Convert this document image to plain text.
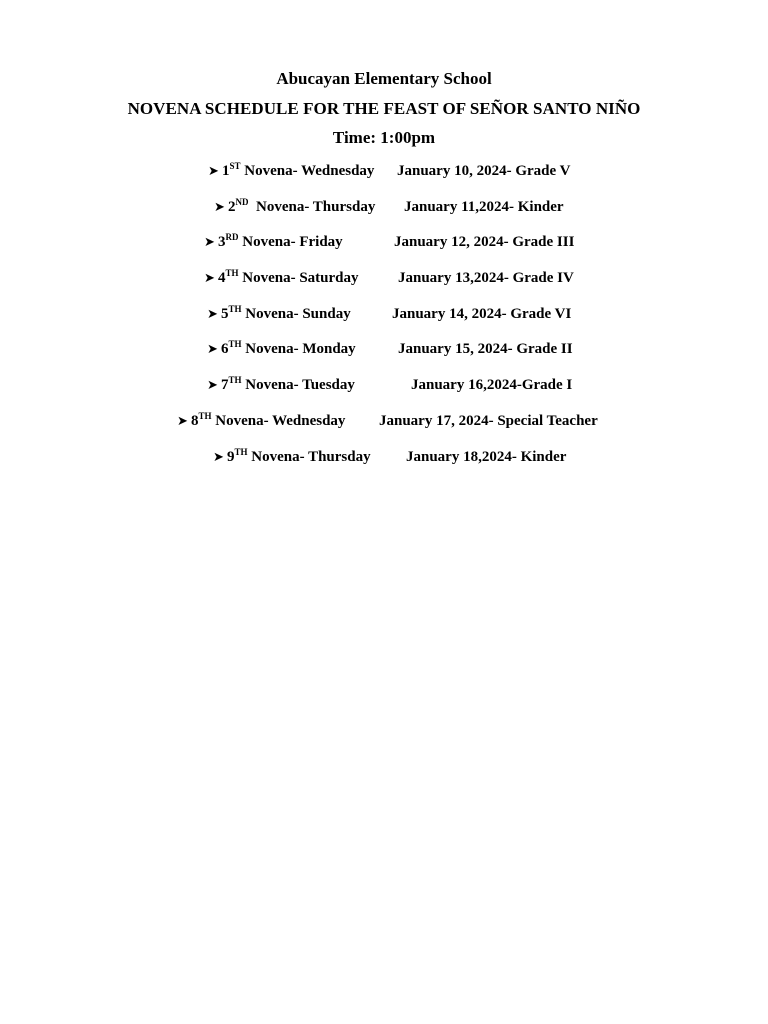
Abucayan Elementary School
NOVENA SCHEDULE FOR THE FEAST OF SEÑOR SANTO NIÑO
Time: 1:00pm
➤ 1ST Novena- Wednesday January 10, 2024- Grade V
➤ 2ND  Novena- Thursday January 11,2024- Kinder
➤ 3RD Novena- Friday	January 12, 2024- Grade III
➤ 4TH Novena- Saturday	January 13,2024- Grade IV
➤ 5TH Novena- Sunday	January 14, 2024- Grade VI
➤ 6TH Novena- Monday	January 15, 2024- Grade II
➤ 7TH Novena- Tuesday	January 16,2024-Grade I
➤ 8TH Novena- Wednesday January 17, 2024- Special Teacher
➤ 9TH Novena- Thursday January 18,2024- Kinder
